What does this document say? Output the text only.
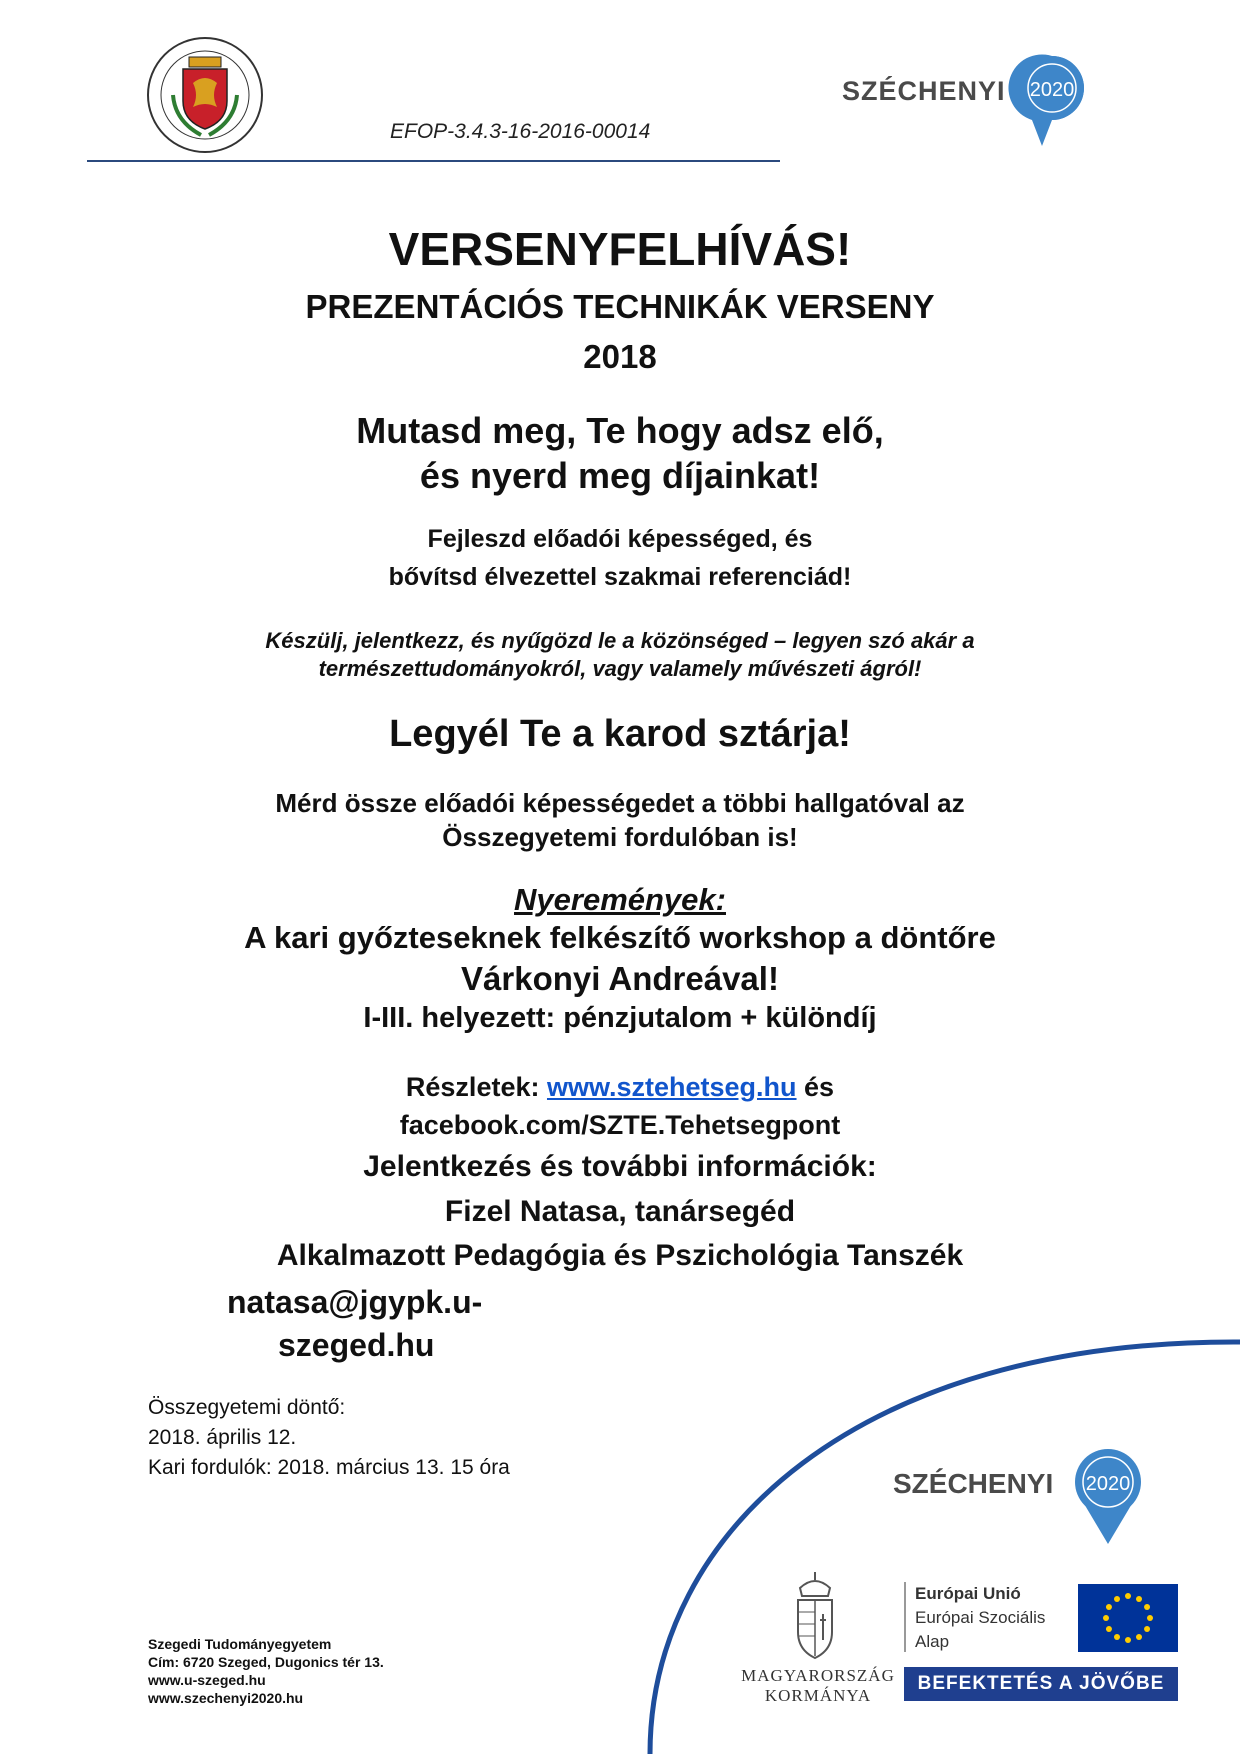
EFOP-3.4.3-16-2016-00014
SZÉCHENYI 2020
VERSENYFELHÍVÁS!
PREZENTÁCIÓS TECHNIKÁK VERSENY
2018
Mutasd meg, Te hogy adsz elő,
és nyerd meg díjainkat!
Fejleszd előadói képességed, és
bővítsd élvezettel szakmai referenciád!
Készülj, jelentkezz, és nyűgözd le a közönséged – legyen szó akár a
természettudományokról, vagy valamely művészeti ágról!
Legyél Te a karod sztárja!
Mérd össze előadói képességedet a többi hallgatóval az
Összegyetemi fordulóban is!
Nyeremények:
A kari győzteseknek felkészítő workshop a döntőre
Várkonyi Andreával!
I-III. helyezett: pénzjutalom + különdíj
Részletek: www.sztehetseg.hu és
facebook.com/SZTE.Tehetsegpont
Jelentkezés és további információk:
Fizel Natasa, tanársegéd
Alkalmazott Pedagógia és Pszichológia Tanszék
natasa@jgypk.u-
szeged.hu
Összegyetemi döntő:
2018. április 12.
Kari fordulók: 2018. március 13. 15 óra
SZÉCHENYI 2020
MAGYARORSZÁG
KORMÁNYA
Európai Unió
Európai Szociális
Alap
BEFEKTETÉS A JÖVŐBE
Szegedi Tudományegyetem
Cím: 6720 Szeged, Dugonics tér 13.
www.u-szeged.hu
www.szechenyi2020.hu
